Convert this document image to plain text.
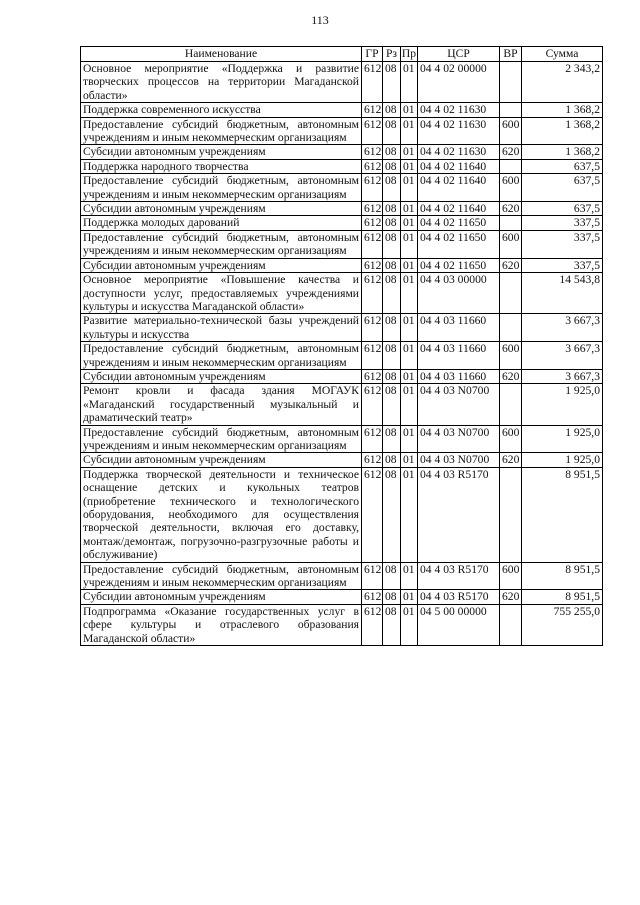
113
Наименование	ГР	Рз	Пр	ЦСР	ВР	Сумма
Основное мероприятие «Поддержка и развитие творческих процессов на территории Магаданской области»	612	08	01	04 4 02 00000		2 343,2
Поддержка современного искусства	612	08	01	04 4 02 11630		1 368,2
Предоставление субсидий бюджетным, автономным учреждениям и иным некоммерческим организациям	612	08	01	04 4 02 11630	600	1 368,2
Субсидии автономным учреждениям	612	08	01	04 4 02 11630	620	1 368,2
Поддержка народного творчества	612	08	01	04 4 02 11640		637,5
Предоставление субсидий бюджетным, автономным учреждениям и иным некоммерческим организациям	612	08	01	04 4 02 11640	600	637,5
Субсидии автономным учреждениям	612	08	01	04 4 02 11640	620	637,5
Поддержка молодых дарований	612	08	01	04 4 02 11650		337,5
Предоставление субсидий бюджетным, автономным учреждениям и иным некоммерческим организациям	612	08	01	04 4 02 11650	600	337,5
Субсидии автономным учреждениям	612	08	01	04 4 02 11650	620	337,5
Основное мероприятие «Повышение качества и доступности услуг, предоставляемых учреждениями культуры и искусства Магаданской области»	612	08	01	04 4 03 00000		14 543,8
Развитие материально-технической базы учреждений культуры и искусства	612	08	01	04 4 03 11660		3 667,3
Предоставление субсидий бюджетным, автономным учреждениям и иным некоммерческим организациям	612	08	01	04 4 03 11660	600	3 667,3
Субсидии автономным учреждениям	612	08	01	04 4 03 11660	620	3 667,3
Ремонт кровли и фасада здания МОГАУК «Магаданский государственный музыкальный и драматический театр»	612	08	01	04 4 03 N0700		1 925,0
Предоставление субсидий бюджетным, автономным учреждениям и иным некоммерческим организациям	612	08	01	04 4 03 N0700	600	1 925,0
Субсидии автономным учреждениям	612	08	01	04 4 03 N0700	620	1 925,0
Поддержка творческой деятельности и техническое оснащение детских и кукольных театров (приобретение технического и технологического оборудования, необходимого для осуществления творческой деятельности, включая его доставку, монтаж/демонтаж, погрузочно-разгрузочные работы и обслуживание)	612	08	01	04 4 03 R5170		8 951,5
Предоставление субсидий бюджетным, автономным учреждениям и иным некоммерческим организациям	612	08	01	04 4 03 R5170	600	8 951,5
Субсидии автономным учреждениям	612	08	01	04 4 03 R5170	620	8 951,5
Подпрограмма «Оказание государственных услуг в сфере культуры и отраслевого образования Магаданской области»	612	08	01	04 5 00 00000		755 255,0
